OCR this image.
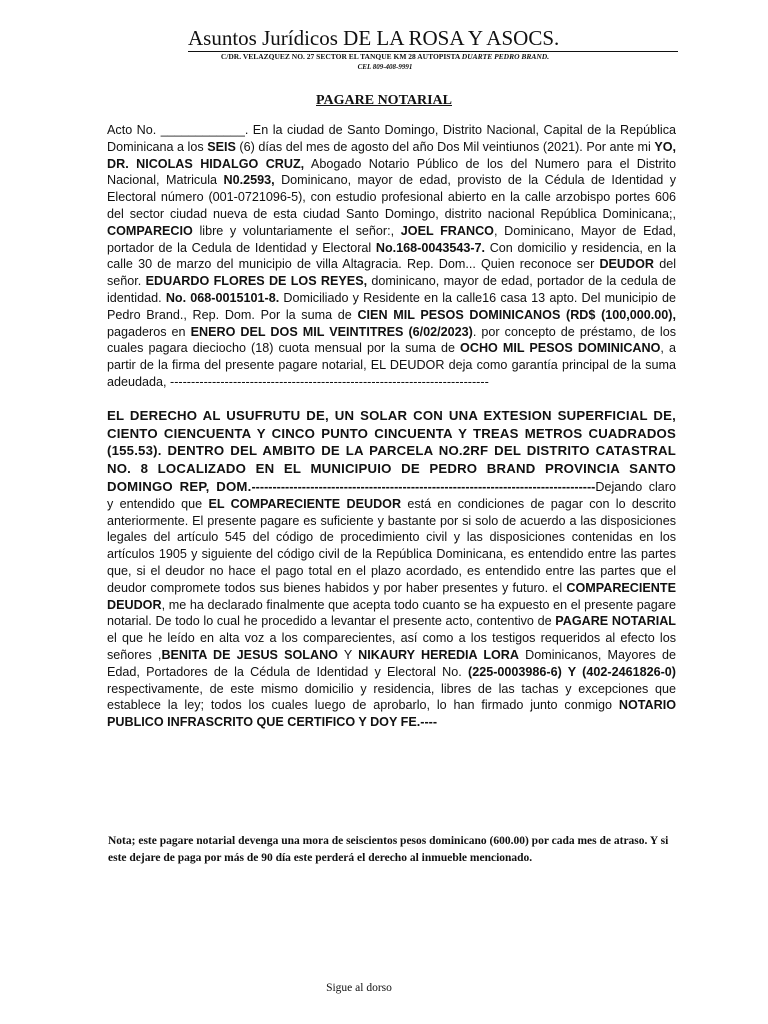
Asuntos Jurídicos DE LA ROSA Y ASOCS.
C/DR. VELAZQUEZ NO. 27 SECTOR EL TANQUE KM 28 AUTOPISTA DUARTE PEDRO BRAND.
CEL 809-408-9991
PAGARE NOTARIAL

Acto No. ____________. En la ciudad de Santo Domingo, Distrito Nacional, Capital de la República Dominicana a los SEIS (6) días del mes de agosto del año Dos Mil veintiunos (2021). Por ante mi YO, DR. NICOLAS HIDALGO CRUZ, Abogado Notario Público de los del Numero para el Distrito Nacional, Matricula N0.2593, Dominicano, mayor de edad, provisto de la Cédula de Identidad y Electoral número (001-0721096-5), con estudio profesional abierto en la calle arzobispo portes 606 del sector ciudad nueva de esta ciudad Santo Domingo, distrito nacional República Dominicana;, COMPARECIO libre y voluntariamente el señor:, JOEL FRANCO, Dominicano, Mayor de Edad, portador de la Cedula de Identidad y Electoral No.168-0043543-7. Con domicilio y residencia, en la calle 30 de marzo del municipio de villa Altagracia. Rep. Dom... Quien reconoce ser DEUDOR del señor. EDUARDO FLORES DE LOS REYES, dominicano, mayor de edad, portador de la cedula de identidad. No. 068-0015101-8. Domiciliado y Residente en la calle16 casa 13 apto. Del municipio de Pedro Brand., Rep. Dom. Por la suma de CIEN MIL PESOS DOMINICANOS (RD$ (100,000.00), pagaderos en ENERO DEL DOS MIL VEINTITRES (6/02/2023). por concepto de préstamo, de los cuales pagara dieciocho (18) cuota mensual por la suma de OCHO MIL PESOS DOMINICANO, a partir de la firma del presente pagare notarial, EL DEUDOR deja como garantía principal de la suma adeudada, ----------------------------------------------------------------------------

EL DERECHO AL USUFRUTU DE, UN SOLAR CON UNA EXTESION SUPERFICIAL DE, CIENTO CIENCUENTA Y CINCO PUNTO CINCUENTA Y TREAS METROS CUADRADOS (155.53). DENTRO DEL AMBITO DE LA PARCELA NO.2RF DEL DISTRITO CATASTRAL NO. 8 LOCALIZADO EN EL MUNICIPUIO DE PEDRO BRAND PROVINCIA SANTO DOMINGO REP, DOM.----------------------------------------------------------------------------------Dejando claro y entendido que EL COMPARECIENTE DEUDOR está en condiciones de pagar con lo descrito anteriormente. El presente pagare es suficiente y bastante por si solo de acuerdo a las disposiciones legales del artículo 545 del código de procedimiento civil y las disposiciones contenidas en los artículos 1905 y siguiente del código civil de la República Dominicana, es entendido entre las partes que, si el deudor no hace el pago total en el plazo acordado, es entendido entre las partes que el deudor compromete todos sus bienes habidos y por haber presentes y futuro. el COMPARECIENTE DEUDOR, me ha declarado finalmente que acepta todo cuanto se ha expuesto en el presente pagare notarial. De todo lo cual he procedido a levantar el presente acto, contentivo de PAGARE NOTARIAL el que he leído en alta voz a los comparecientes, así como a los testigos requeridos al efecto los señores ,BENITA DE JESUS SOLANO Y NIKAURY HEREDIA LORA Dominicanos, Mayores de Edad, Portadores de la Cédula de Identidad y Electoral No. (225-0003986-6) Y (402-2461826-0) respectivamente, de este mismo domicilio y residencia, libres de las tachas y excepciones que establece la ley; todos los cuales luego de aprobarlo, lo han firmado junto conmigo NOTARIO PUBLICO INFRASCRITO QUE CERTIFICO Y DOY FE.----

Nota; este pagare notarial devenga una mora de seiscientos pesos dominicano (600.00) por cada mes de atraso. Y si este dejare de paga por más de 90 día este perderá el derecho al inmueble mencionado.
Sigue al dorso
